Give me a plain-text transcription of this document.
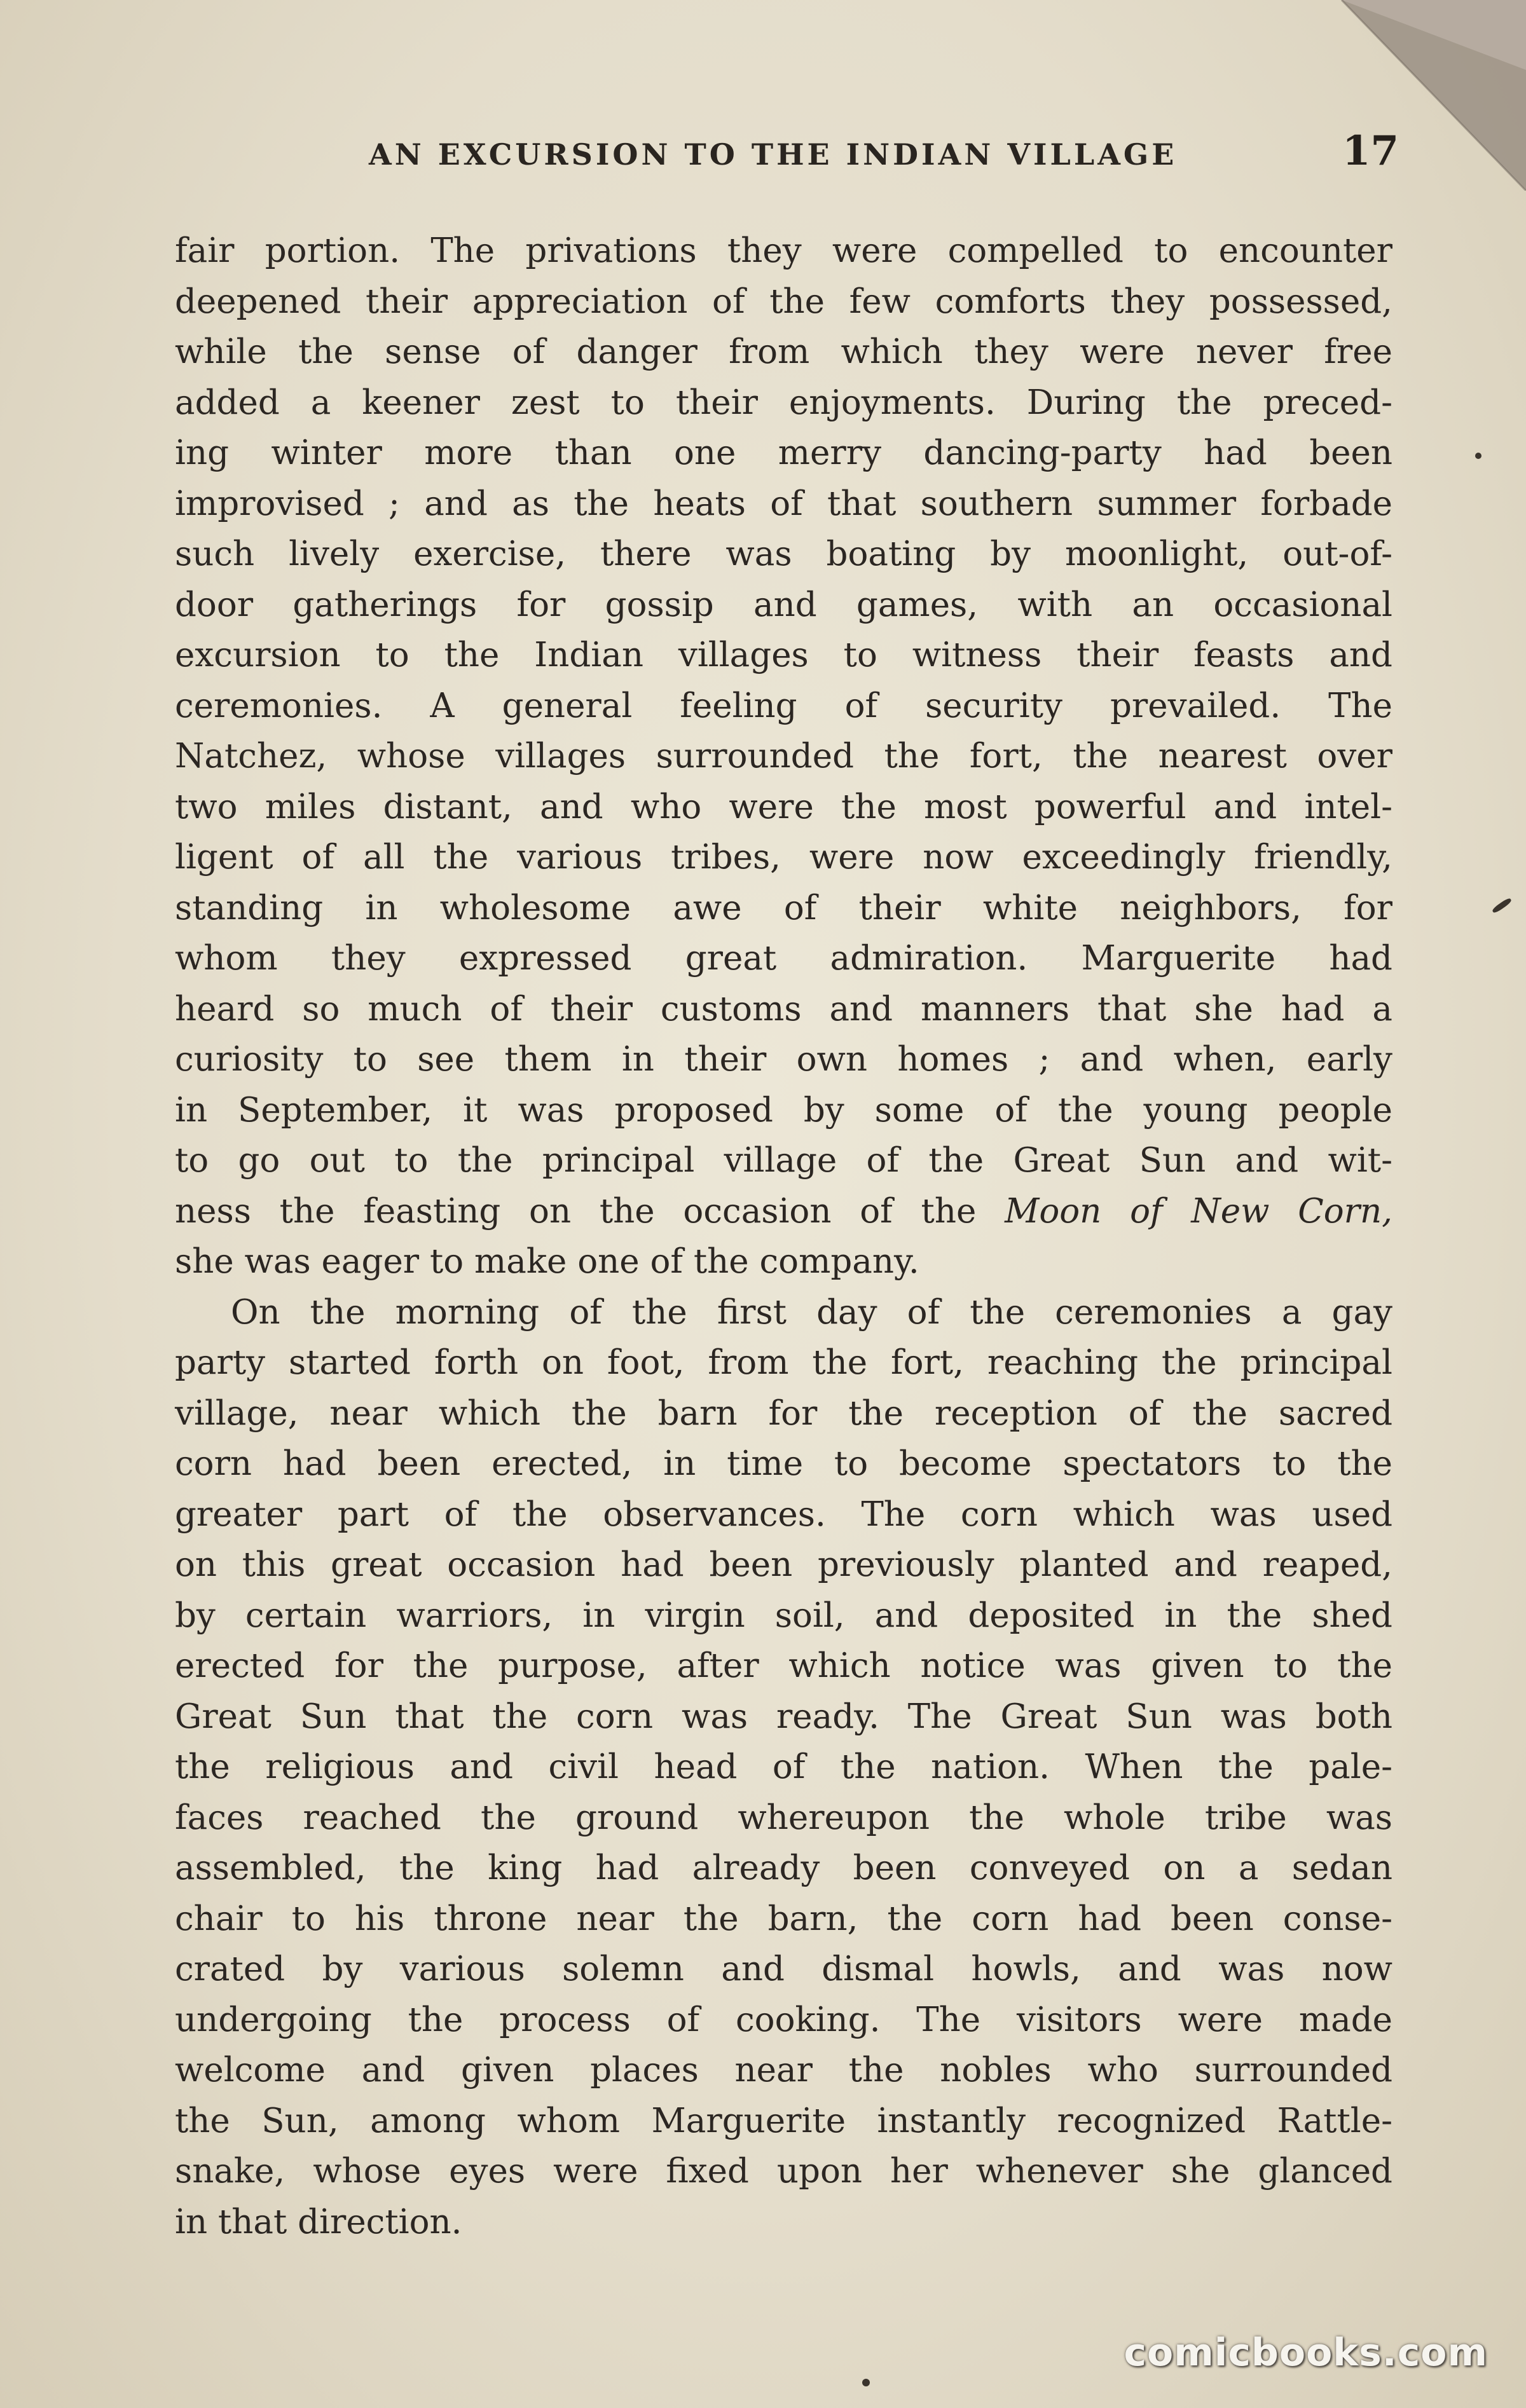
AN EXCURSION TO THE INDIAN VILLAGE	17
fair portion. The privations they were compelled to encounter
deepened their appreciation of the few comforts they possessed,
while the sense of danger from which they were never free
added a keener zest to their enjoyments. During the preced-
ing winter more than one merry dancing-party had been
improvised ; and as the heats of that southern summer forbade
such lively exercise, there was boating by moonlight, out-of-
door gatherings for gossip and games, with an occasional
excursion to the Indian villages to witness their feasts and
ceremonies. A general feeling of security prevailed. The
Natchez, whose villages surrounded the fort, the nearest over
two miles distant, and who were the most powerful and intel-
ligent of all the various tribes, were now exceedingly friendly,
standing in wholesome awe of their white neighbors, for
whom they expressed great admiration. Marguerite had
heard so much of their customs and manners that she had a
curiosity to see them in their own homes ; and when, early
in September, it was proposed by some of the young people
to go out to the principal village of the Great Sun and wit-
ness the feasting on the occasion of the Moon of New Corn,
she was eager to make one of the company.
On the morning of the first day of the ceremonies a gay
party started forth on foot, from the fort, reaching the principal
village, near which the barn for the reception of the sacred
corn had been erected, in time to become spectators to the
greater part of the observances. The corn which was used
on this great occasion had been previously planted and reaped,
by certain warriors, in virgin soil, and deposited in the shed
erected for the purpose, after which notice was given to the
Great Sun that the corn was ready. The Great Sun was both
the religious and civil head of the nation. When the pale-
faces reached the ground whereupon the whole tribe was
assembled, the king had already been conveyed on a sedan
chair to his throne near the barn, the corn had been conse-
crated by various solemn and dismal howls, and was now
undergoing the process of cooking. The visitors were made
welcome and given places near the nobles who surrounded
the Sun, among whom Marguerite instantly recognized Rattle-
snake, whose eyes were fixed upon her whenever she glanced
in that direction.
comicbooks.com
